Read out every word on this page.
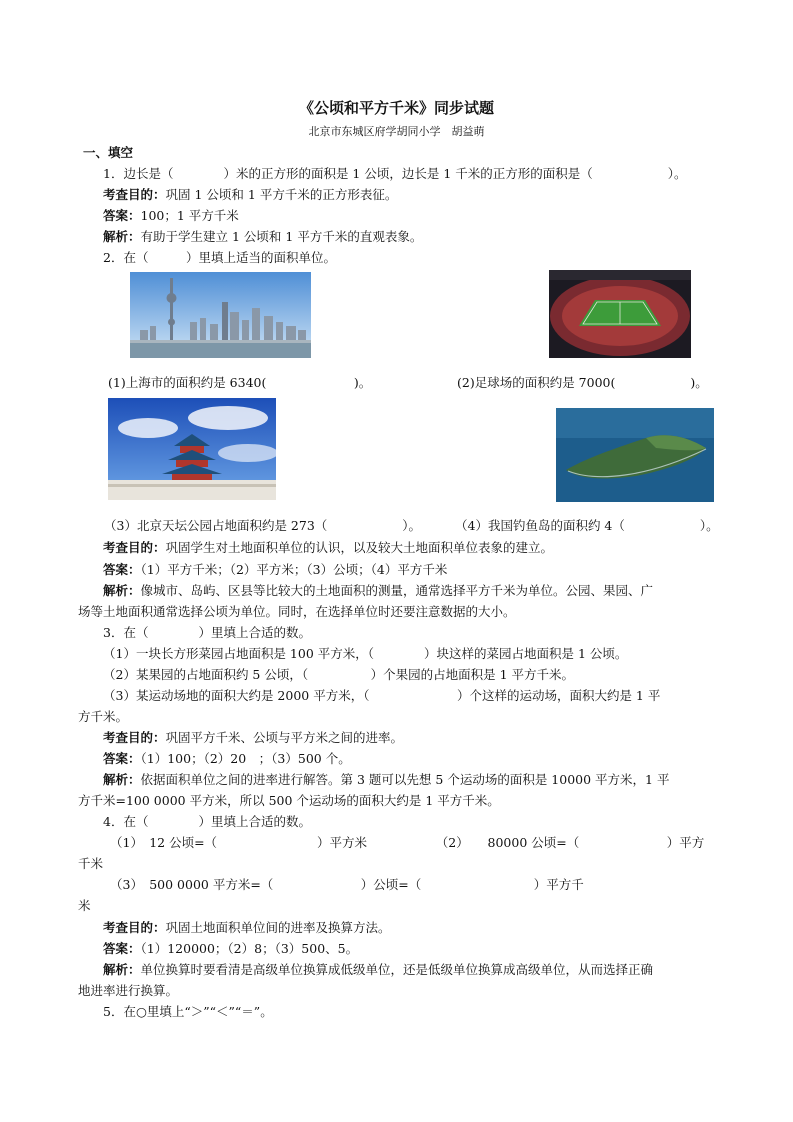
《公顷和平方千米》同步试题
北京市东城区府学胡同小学　胡益萌
一、填空
1．边长是（　　　　）米的正方形的面积是 1 公顷，边长是 1 千米的正方形的面积是（　　　　　　）。
考查目的：巩固 1 公顷和 1 平方千米的正方形表征。
答案：100；1 平方千米
解析：有助于学生建立 1 公顷和 1 平方千米的直观表象。
2．在（　　　）里填上适当的面积单位。
(1)上海市的面积约是 6340(　　　　　　　)。	(2)足球场的面积约是 7000(　　　　　　)。
（3）北京天坛公园占地面积约是 273（　　　　　　）。	（4）我国钓鱼岛的面积约 4（　　　　　　）。
考查目的：巩固学生对土地面积单位的认识，以及较大土地面积单位表象的建立。
答案：（1）平方千米；（2）平方米；（3）公顷；（4）平方千米
解析：像城市、岛屿、区县等比较大的土地面积的测量，通常选择平方千米为单位。公园、果园、广
场等土地面积通常选择公顷为单位。同时，在选择单位时还要注意数据的大小。
3．在（　　　　）里填上合适的数。
（1）一块长方形菜园占地面积是 100 平方米，（　　　　）块这样的菜园占地面积是 1 公顷。
（2）某果园的占地面积约 5 公顷，（　　　　　）个果园的占地面积是 1 平方千米。
（3）某运动场地的面积大约是 2000 平方米，（　　　　　　　）个这样的运动场，面积大约是 1 平
方千米。
考查目的：巩固平方千米、公顷与平方米之间的进率。
答案：（1）100；（2）20　；（3）500 个。
解析：依据面积单位之间的进率进行解答。第 3 题可以先想 5 个运动场的面积是 10000 平方米，1 平
方千米=100 0000 平方米，所以 500 个运动场的面积大约是 1 平方千米。
4．在（　　　　）里填上合适的数。
（1）　12 公顷=（　　　　　　　　）平方米　　　　　　（2）　　80000 公顷=（　　　　　　　）平方
千米
（3）　500 0000 平方米=（　　　　　　　）公顷=（　　　　　　　　　）平方千
米
考查目的：巩固土地面积单位间的进率及换算方法。
答案：（1）120000；（2）8；（3）500、5。
解析：单位换算时要看清是高级单位换算成低级单位，还是低级单位换算成高级单位，从而选择正确
地进率进行换算。
5．在○里填上“＞”“＜”“＝”。
